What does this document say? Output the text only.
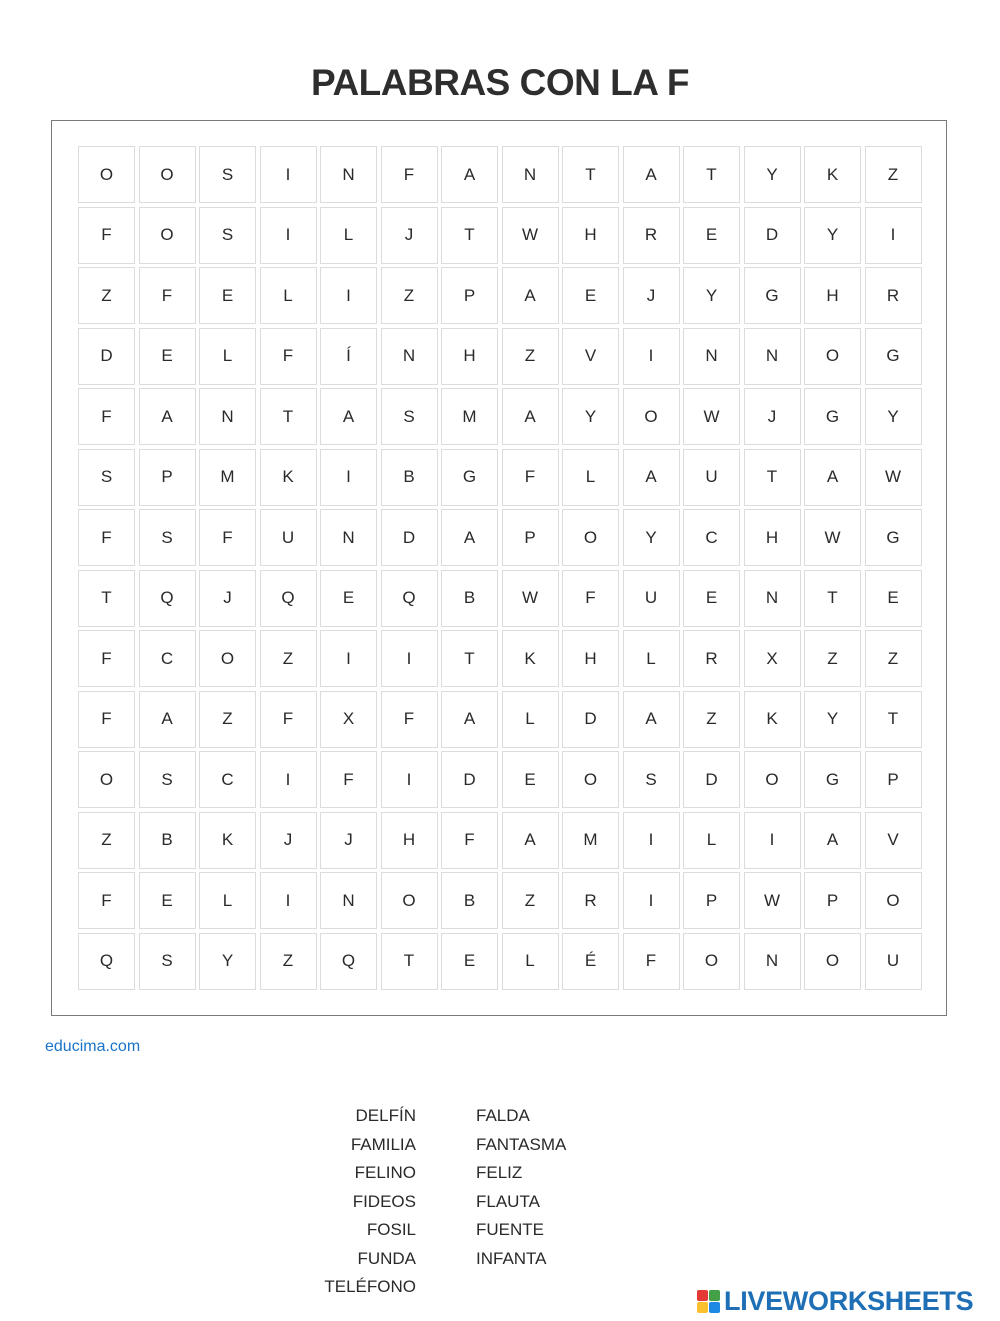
PALABRAS CON LA F
O	O	S	I	N	F	A	N	T	A	T	Y	K	Z
F	O	S	I	L	J	T	W	H	R	E	D	Y	I
Z	F	E	L	I	Z	P	A	E	J	Y	G	H	R
D	E	L	F	Í	N	H	Z	V	I	N	N	O	G
F	A	N	T	A	S	M	A	Y	O	W	J	G	Y
S	P	M	K	I	B	G	F	L	A	U	T	A	W
F	S	F	U	N	D	A	P	O	Y	C	H	W	G
T	Q	J	Q	E	Q	B	W	F	U	E	N	T	E
F	C	O	Z	I	I	T	K	H	L	R	X	Z	Z
F	A	Z	F	X	F	A	L	D	A	Z	K	Y	T
O	S	C	I	F	I	D	E	O	S	D	O	G	P
Z	B	K	J	J	H	F	A	M	I	L	I	A	V
F	E	L	I	N	O	B	Z	R	I	P	W	P	O
Q	S	Y	Z	Q	T	E	L	É	F	O	N	O	U
educima.com
DELFÍN
FAMILIA
FELINO
FIDEOS
FOSIL
FUNDA
TELÉFONO
FALDA
FANTASMA
FELIZ
FLAUTA
FUENTE
INFANTA
LIVEWORKSHEETS
